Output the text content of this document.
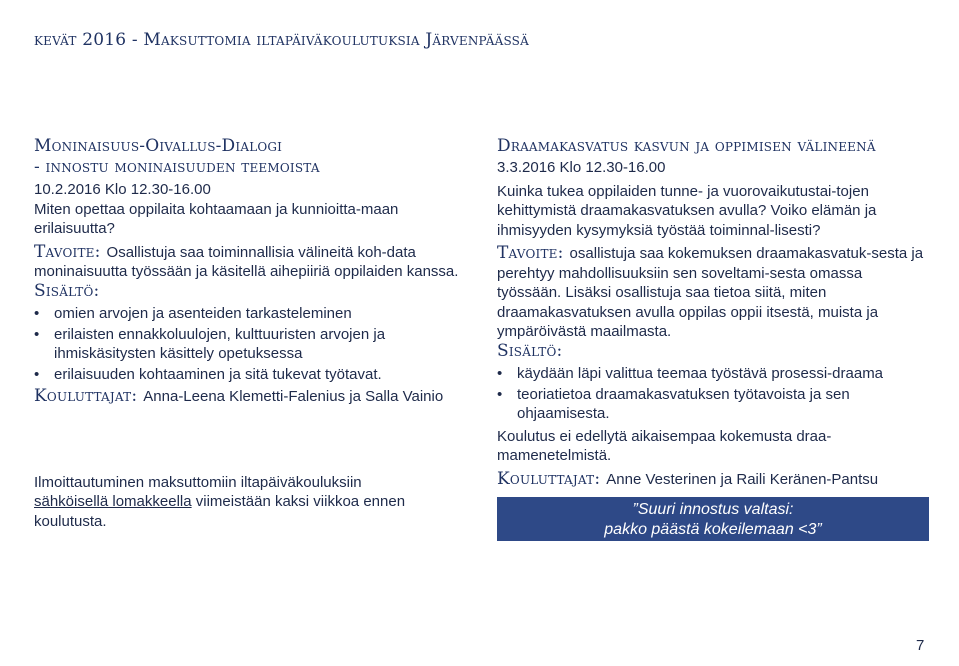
kevät 2016 - Maksuttomia iltapäiväkoulutuksia Järvenpäässä
Moninaisuus-Oivallus-Dialogi
- innostu moninaisuuden teemoista

10.2.2016 Klo 12.30-16.00

Miten opettaa oppilaita kohtaamaan ja kunnioitta-maan erilaisuutta?

Tavoite: Osallistuja saa toiminnallisia välineitä koh-data moninaisuutta työssään ja käsitellä aihepiiriä oppilaiden kanssa.

Sisältö:

• omien arvojen ja asenteiden tarkasteleminen
• erilaisten ennakkoluulojen, kulttuuristen arvojen ja ihmiskäsitysten käsittely opetuksessa
• erilaisuuden kohtaaminen ja sitä tukevat työtavat.

Kouluttajat: Anna-Leena Klemetti-Falenius ja Salla Vainio

Ilmoittautuminen maksuttomiin iltapäiväkouluksiin
sähköisellä lomakkeella viimeistään kaksi viikkoa ennen koulutusta.

Draamakasvatus kasvun ja oppimisen välineenä

3.3.2016 Klo 12.30-16.00

Kuinka tukea oppilaiden tunne- ja vuorovaikutustai-tojen kehittymistä draamakasvatuksen avulla? Voiko elämän ja ihmisyyden kysymyksiä työstää toiminnal-lisesti?

Tavoite: osallistuja saa kokemuksen draamakasvatuk-sesta ja perehtyy mahdollisuuksiin sen soveltami-sesta omassa työssään. Lisäksi osallistuja saa tietoa siitä, miten draamakasvatuksen avulla oppilas oppii itsestä, muista ja ympäröivästä maailmasta.

Sisältö:

• käydään läpi valittua teemaa työstävä prosessi-draama
• teoriatietoa draamakasvatuksen työtavoista ja sen ohjaamisesta.

Koulutus ei edellytä aikaisempaa kokemusta draa-mamenetelmistä.

Kouluttajat: Anne Vesterinen ja Raili Keränen-Pantsu

”Suuri innostus valtasi:
pakko päästä kokeilemaan <3”
7
